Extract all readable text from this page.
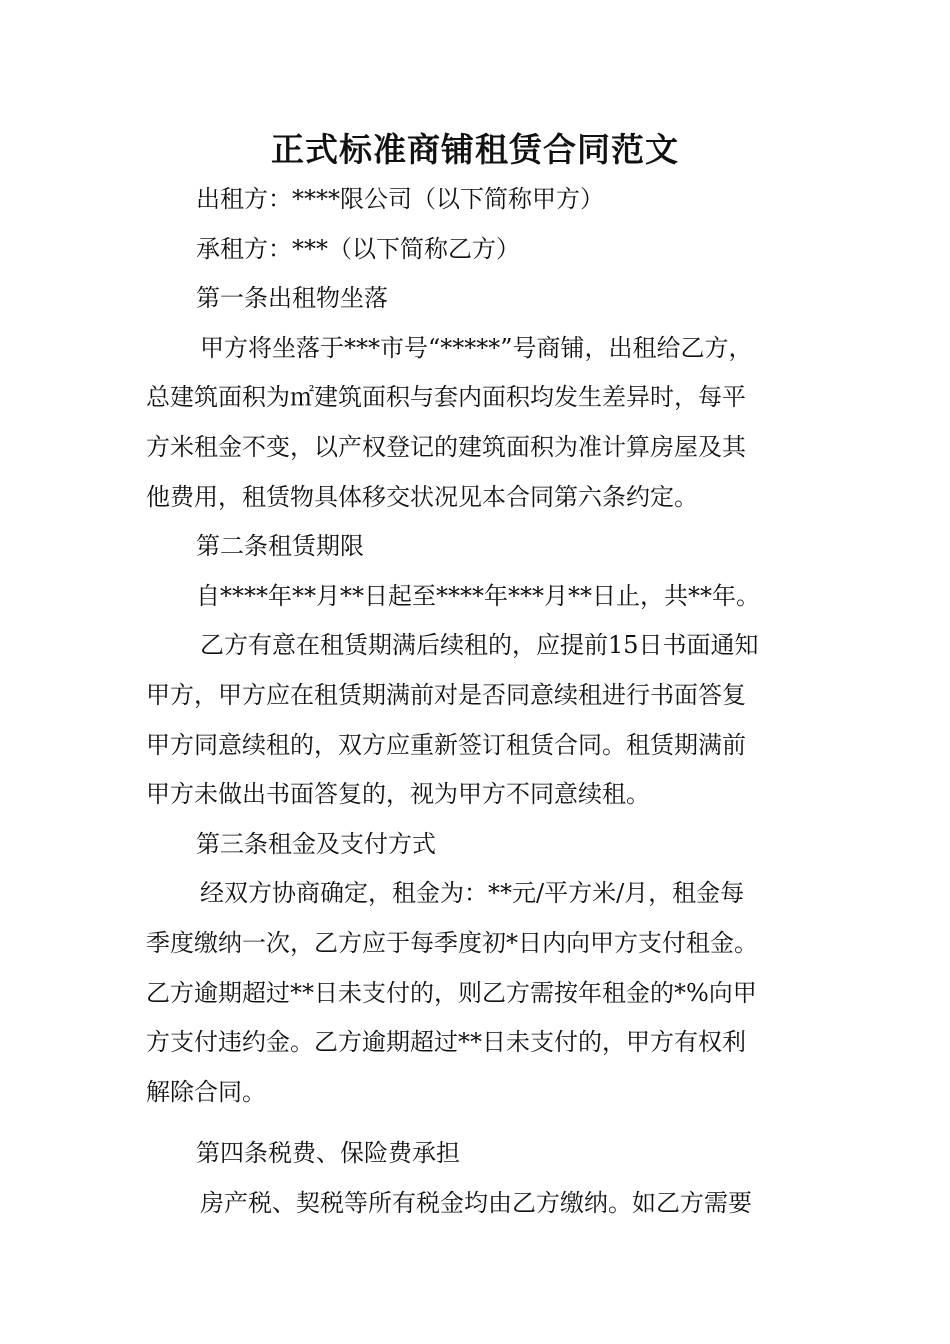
正式标准商铺租赁合同范文

出租方：****限公司（以下简称甲方）

承租方：***（以下简称乙方）

第一条出租物坐落

甲方将坐落于***市号“*****”号商铺，出租给乙方，

总建筑面积为㎡建筑面积与套内面积均发生差异时，每平

方米租金不变，以产权登记的建筑面积为准计算房屋及其

他费用，租赁物具体移交状况见本合同第六条约定。

第二条租赁期限

自****年**月**日起至****年***月**日止，共**年。

乙方有意在租赁期满后续租的，应提前15日书面通知

甲方，甲方应在租赁期满前对是否同意续租进行书面答复

甲方同意续租的，双方应重新签订租赁合同。租赁期满前

甲方未做出书面答复的，视为甲方不同意续租。

第三条租金及支付方式

经双方协商确定，租金为：**元/平方米/月，租金每

季度缴纳一次，乙方应于每季度初*日内向甲方支付租金。

乙方逾期超过**日未支付的，则乙方需按年租金的*%向甲

方支付违约金。乙方逾期超过**日未支付的，甲方有权利

解除合同。

第四条税费、保险费承担

房产税、契税等所有税金均由乙方缴纳。如乙方需要
